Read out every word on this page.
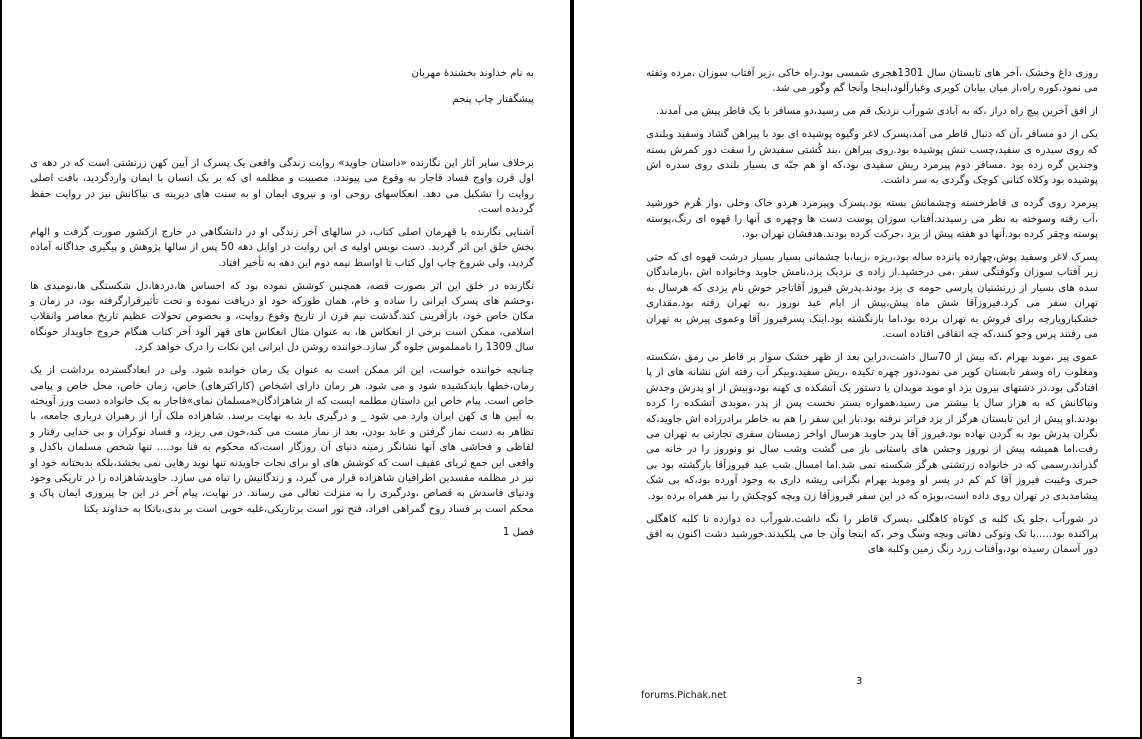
به نام خداوند بخشندهٔ مهربان

پیشگفتار چاپ پنجم

برخلاف سایر آثار این نگارنده «داستان جاوید» روایت زندگی واقعی یک پسرک از آیین کهن زرتشتی است که در دهه ی اول قرن واوج فساد قاجار به وقوع می پیوندد. مصیبت و مظلمه ای که بر یک انسان با ایمان واردگردید، بافت اصلی روایت را تشکیل می دهد. انعکاسهای روحی او، و نیروی ایمان او به سنت های دیرینه ی نیاکانش نیز در روایت حفظ گردیده است.

آشنایی نگارنده با قهرمان اصلی کتاب، در سالهای آخر زندگی او در دانشگاهی در خارج ازکشور صورت گرفت و الهام بخش خلق این اثر گردید. دست نویس اولیه ی این روایت در اوایل دهه 50 پس از سالها پژوهش و پیگیری جداگانه آماده گردید، ولی شروع چاپ اول کتاب تا اواسط نیمه دوم این دهه به تأخیر افتاد.

نگارنده در خلق این اثر بصورت قصه، همچنین کوشش نموده بود که احساس ها،دردها،دل شکستگی ها،نومیدی ها ،وخشم های پسرک ایرانی را ساده و خام، همان طورکه خود او دریافت نموده و تحت تأثیرقرارگرفته بود، در زمان و مکان خاص خود، بازآفرینی کند.گذشت نیم قرن از تاریخ وقوع روایت، و بخصوص تحولات عظیم تاریخ معاصر وانقلاب اسلامی، ممکن است برخی از انعکاس ها، به عنوان مثال انعکاس های قهر آلود آخر کتاب هنگام خروج جاویداز خونگاه سال 1309 را نامملموس جلوه گر سازد.خواننده روشن دل ایرانی این نکات را درک خواهد کرد.

چنانچه خواننده خواست، این اثر ممکن است به عنوان یک رمان خوانده شود. ولی در ابعادگسترده برداشت از یک رمان،خطها بایدکشیده شود و می شود. هر رمان دارای اشخاص (کاراکترهای) خاص، زمان خاص، محل خاص و پیامی خاص است. پیام خاص این داستان مطلمه ایست که از شاهزادگان«مسلمان نمای»قاجار به یک خانواده دست ورز آویخته به آیین ها ی کهن ایران وارد می شود _ و درگیری باید به نهایت برسد. شاهزاده ملک آرا از رهبران درباری جامعه، با تظاهر به دست نماز گرفتن و عابد بودن، بعد از نماز مست می کند،خون می ریزد، و فساد نوکران و بی خدایی رفتار و لفاظی و فحاشی های آنها نشانگر زمینه دنیای آن روزگار است،که محکوم به فنا بود.... تنها شخص مسلمان باکدل و واقعی این جمع ثریای عفیف است که کوشش های او برای نجات جاویدنه تنها نوید رهایی نمی بخشد،بلکه بدبختانه خود او نیز در مظلمه مفسدین اطرافیان شاهزاده قرار می گیرد، و زندگانیش را تباه می سازد. جاویدشاهزاده را در تاریکی وجود ودنیای فاسدش به قصاص ،ودرگیری را به منزلت تعالی می رساند. در نهایت، پیام آخر در این جا پیروزی ایمان پاک و محکم است بر فساد روح گمراهی افراد، فتح نور است برتاریکی،غلبه خوبی است بر بدی،باتکا به خداوند یکتا

فصل 1

روزی داغ وخشک ،آخر های تابستان سال 1301هجری شمسی بود.راه خاکی ،زیر آفتاب سوزان ،مرده وتفته می نمود.کوره راه،از میان بیابان کویری وغبارآلود،اینجا وآنجا گم وگور می شد.

از افق آخرین پیچ راه دراز ،که به آبادی شوراًب نزدیک قم می رسید،دو مسافر با یک قاطر پیش می آمدند.

یکی از دو مسافر ،آن که دنبال قاطر می آمد،پسرک لاغر وگیوه پوشیده ای بود با پیراهن گشاد وسفید وبلندی که روی سیدره ی سفید،چسب تنش پوشیده بود.روی پیراهن ،بند کُشتی سفیدش را سفت دور کمرش بسته وجندین گره زده بود .مسافر دوم پیرمرد ریش سفیدی بود،که او هم جبّه ی بسیار بلندی روی سدره اش پوشیده بود وکلاه کتانی کوچک وگردی به سر داشت.

پیرمرد روی گرده ی قاطرخسته وچشمانش بسته بود.پسرک وپیرمرد هردو خاک وخلی ،واز هُرم خورشید ،آب رفته وسوخته به نظر می رسیدند.آفتاب سوزان پوست دست ها وچهره ی آنها را قهوه ای رنگ،پوسته پوسته وچقر کرده بود.آنها دو هفته پیش از یزد ،حرکت کرده بودند.هدفشان تهران بود.

پسرک لاغر وسفید پوش،چهارده پانزده ساله بود،ریزه ،زیبا،با چشمانی بسیار بسیار درشت قهوه ای که حتی زیر آفتاب سوزان وکوفتگی سفر ،می درخشید.از زاده ی نزدیک یزد،نامش جاوید وخانواده اش ،بازماندگان سده های بسیار از زرتشتیان پارسی حومه ی یزد بودند.پدرش فیروز آقاتاجر خوش نام یزدی که هرسال به تهران سفر می کرد.فیروزآقا شش ماه پیش،پیش از ایام عید نوروز ،به تهران رفته بود.مقداری خشکبارویارچه برای فروش به تهران برده بود،اما بازنگشته بود.اینک پسرفیروز آقا وعموی پیرش به تهران می رفتند پرس وجو کنند،که چه اتفاقی افتاده است.

عموی پیر ،موبد بهرام ،که بیش از 70سال داشت،دراین بعد از ظهر خشک سوار بر قاطر بی رمق ،شکسته ومغلوب راه وسفر تابستان کویر می نمود،دور چهره تکیده ،ریش سفید،وبیکر آب رفته اش نشانه های از پا افتادگی بود.در دشتهای بیرون یزد او موبد موبدان یا دستور یک آتشکده ی کهنه بود،وبیش از او پدرش وجدش ونیاکانش که به هزار سال یا بیشتر می رسید،همواره بستر نخست پس از پدر ،موبدی آتشکده را کرده بودند.او پیش از این تابستان هرگز از یزد فراتر نرفته بود.بار این سفر را هم به خاطر برادرزاده اش جاوید،که نگران پدرش بود به گردن نهاده بود.فیروز آقا پدر جاوید هرسال اواخر زمستان سفری تجارتی به تهران می رفت،اما همیشه پیش از نوروز وجشن های باستانی باز می گشت وشب سال نو ونوروز را در خانه می گذراند،رسمی که در خانواده زرتشتی هرگز شکسته نمی شد.اما امسال شب عید فیروزآقا بازگشته بود بی خبری وغیبت فیروز آقا کم کم در پسر او وموبد بهرام نگرانی ریشه داری به وجود آورده بود،که بی شک پیشامدبدی در تهران روی داده است،بویژه که در این سفر فیروزآقا زن وبچه کوچکش را نیز همراه برده بود.

در شوراًب ،جلو یک کلبه ی کوتاه کاهگلی ،پسرک قاطر را نگه داشت.شوراًب ده دوازده تا کلبه کاهگلی پراکنده بود.....با تک وتوکی دهاتی وبچه وسگ وخر ،که اینجا وآن جا می پلکیدند.خورشید دشت اکنون به افق دور آسمان رسیده بود،وآفتاب زرد رنگ زمین وکلبه های

3
forums.Pichak.net
